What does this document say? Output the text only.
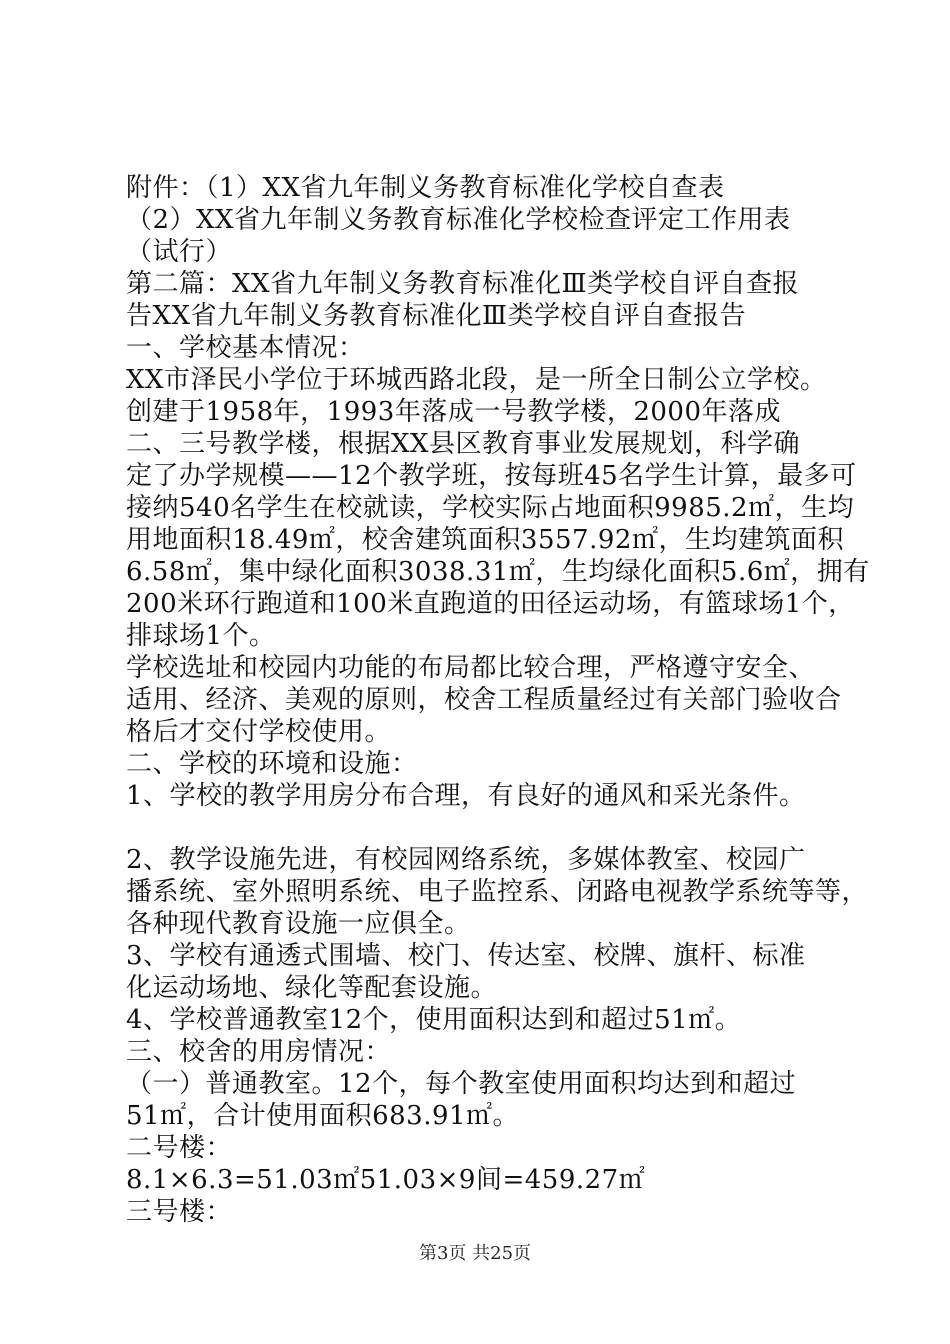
附件：（1）XX省九年制义务教育标准化学校自查表
（2）XX省九年制义务教育标准化学校检查评定工作用表
（试行）
第二篇：XX省九年制义务教育标准化Ⅲ类学校自评自查报
告XX省九年制义务教育标准化Ⅲ类学校自评自查报告
一、学校基本情况：
XX市泽民小学位于环城西路北段，是一所全日制公立学校。
创建于1958年，1993年落成一号教学楼，2000年落成
二、三号教学楼，根据XX县区教育事业发展规划，科学确
定了办学规模——12个教学班，按每班45名学生计算，最多可
接纳540名学生在校就读，学校实际占地面积9985.2㎡，生均
用地面积18.49㎡，校舍建筑面积3557.92㎡，生均建筑面积
6.58㎡，集中绿化面积3038.31㎡，生均绿化面积5.6㎡，拥有
200米环行跑道和100米直跑道的田径运动场，有篮球场1个，
排球场1个。
学校选址和校园内功能的布局都比较合理，严格遵守安全、
适用、经济、美观的原则，校舍工程质量经过有关部门验收合
格后才交付学校使用。
二、学校的环境和设施：
1、学校的教学用房分布合理，有良好的通风和采光条件。
2、教学设施先进，有校园网络系统，多媒体教室、校园广
播系统、室外照明系统、电子监控系、闭路电视教学系统等等，
各种现代教育设施一应俱全。
3、学校有通透式围墙、校门、传达室、校牌、旗杆、标准
化运动场地、绿化等配套设施。
4、学校普通教室12个，使用面积达到和超过51㎡。
三、校舍的用房情况：
（一）普通教室。12个，每个教室使用面积均达到和超过
51㎡，合计使用面积683.91㎡。
二号楼：
8.1×6.3=51.03㎡51.03×9间=459.27㎡
三号楼：
第3页 共25页
